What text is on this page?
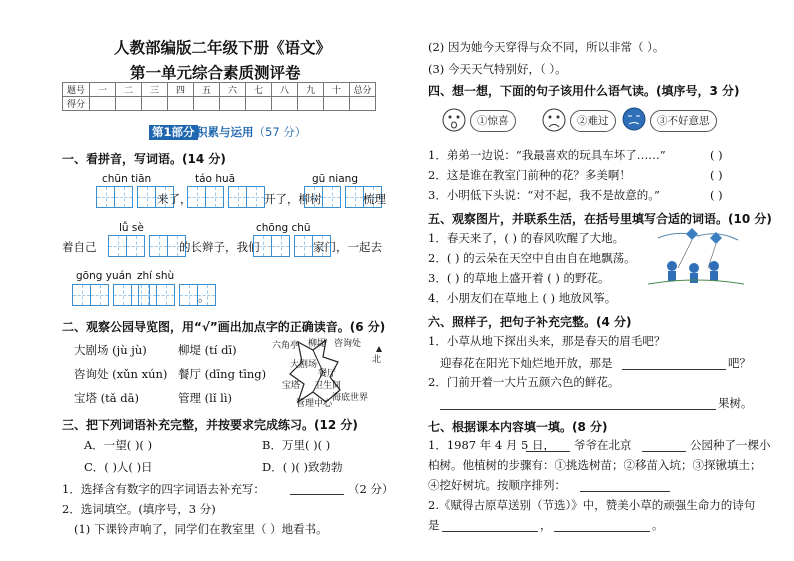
人教部编版二年级下册《语文》
第一单元综合素质测评卷
题号	一	二	三	四	五	六	七	八	九	十	总分
得分											
第1部分 积累与运用（57 分）
一、看拼音，写词语。(14 分)
chūn tiān
来了，
táo huā
开了，柳树
gū niang
梳理
着自己
lǚ sè
的长辫子，我们
chōng chū
家门，一起去
gōng yuán zhí shù
。
二、观察公园导览图，用“√”画出加点字的正确读音。(6 分)
大剧场 (jù jù)	柳堤 (tí dī)
咨询处 (xǔn xún) 餐厅 (dīng tīng)
宝塔 (tǎ dā)	管理 (lǐ lì)
六角亭 柳堤 咨询处
大剧场
餐厅
宝塔 卫生间
管理中心
海底世界
北
三、把下列词语补充完整，并按要求完成练习。(12 分)
A．一望( )( )	B．万里( )( )
C．( )人( )日	D．( )( )致勃勃
1．选择含有数字的四字词语去补充写：	（2 分）
2．选词填空。(填序号，3 分)
(1) 下课铃声响了，同学们在教室里（ ）地看书。
(2) 因为她今天穿得与众不同，所以非常（ ）。
(3) 今天天气特别好，（ ）。
四、想一想，下面的句子该用什么语气读。(填序号，3 分)
①惊喜	②难过	③不好意思
1．弟弟一边说：“我最喜欢的玩具车坏了……”	( )
2．这是谁在教室门前种的花？多美啊！	( )
3．小明低下头说：“对不起，我不是故意的。”	( )
五、观察图片，并联系生活，在括号里填写合适的词语。(10 分)
1．春天来了，( ) 的春风吹醒了大地。
2．( ) 的云朵在天空中自由自在地飘荡。
3．( ) 的草地上盛开着 ( ) 的野花。
4．小朋友们在草地上 ( ) 地放风筝。
六、照样子，把句子补充完整。(4 分)
1．小草从地下探出头来，那是春天的眉毛吧？
迎春花在阳光下灿烂地开放，那是	吧？
2．门前开着一大片五颜六色的鲜花。
果树。
七、根据课本内容填一填。(8 分)
1．1987 年 4 月 5 日， 爷爷在北京	公园种了一棵小
柏树。他植树的步骤有：①挑选树苗；②移苗入坑；③探锹填土；
④挖好树坑。按顺序排列：
2.《赋得古原草送别（节选）》中，赞美小草的顽强生命力的诗句
是	，	。
